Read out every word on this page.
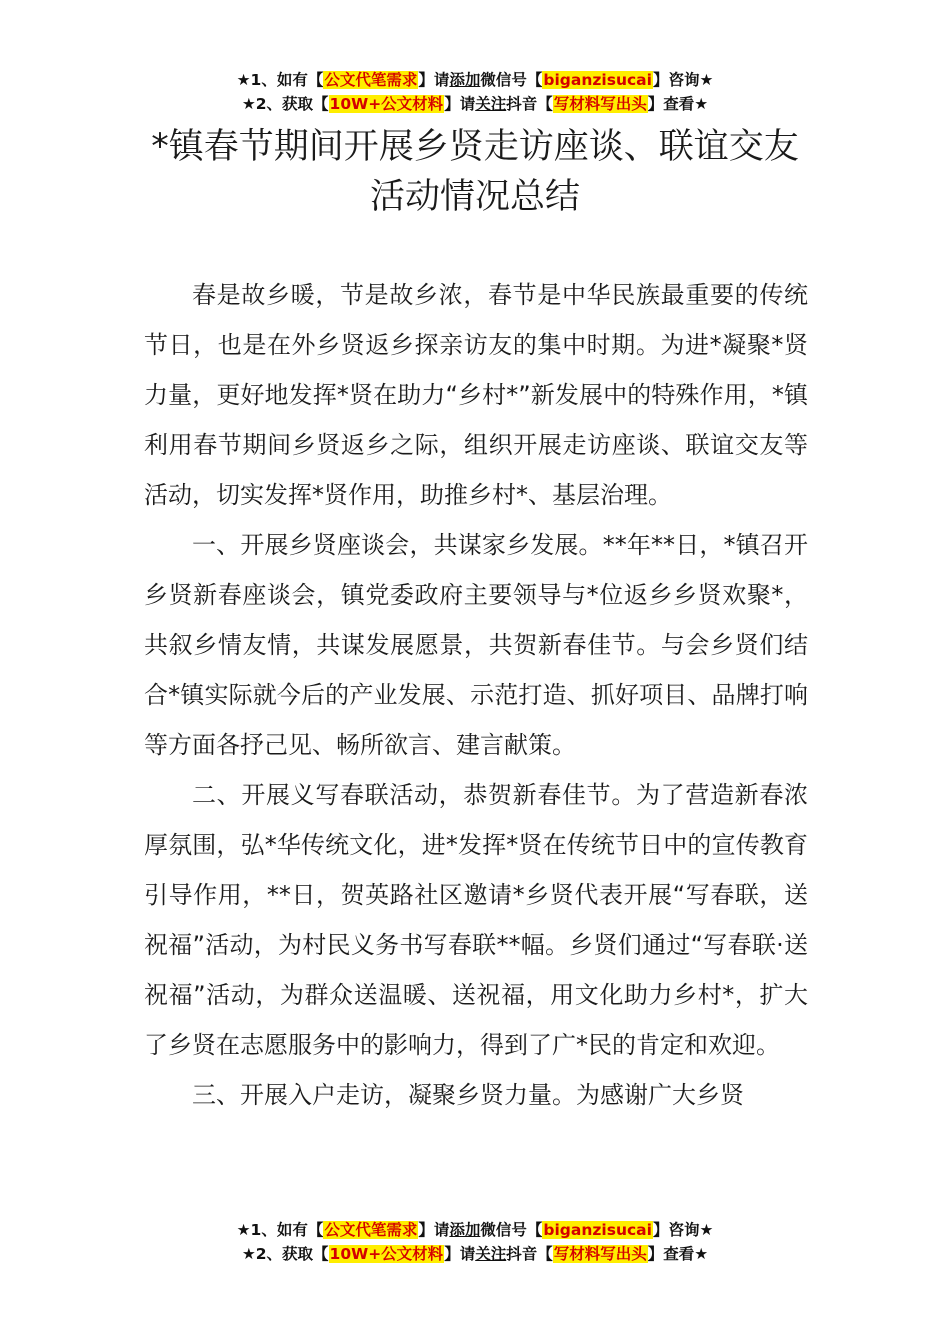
★1、如有【公文代笔需求】请添加微信号【biganzisucai】咨询★
★2、获取【10W+公文材料】请关注抖音【写材料写出头】查看★
*镇春节期间开展乡贤走访座谈、联谊交友
活动情况总结

春是故乡暖，节是故乡浓，春节是中华民族最重要的传统节日，也是在外乡贤返乡探亲访友的集中时期。为进*凝聚*贤力量，更好地发挥*贤在助力“乡村*”新发展中的特殊作用，*镇利用春节期间乡贤返乡之际，组织开展走访座谈、联谊交友等活动，切实发挥*贤作用，助推乡村*、基层治理。

一、开展乡贤座谈会，共谋家乡发展。**年**日，*镇召开乡贤新春座谈会，镇党委政府主要领导与*位返乡乡贤欢聚*，共叙乡情友情，共谋发展愿景，共贺新春佳节。与会乡贤们结合*镇实际就今后的产业发展、示范打造、抓好项目、品牌打响等方面各抒己见、畅所欲言、建言献策。

二、开展义写春联活动，恭贺新春佳节。为了营造新春浓厚氛围，弘*华传统文化，进*发挥*贤在传统节日中的宣传教育引导作用，**日，贺英路社区邀请*乡贤代表开展“写春联，送祝福”活动，为村民义务书写春联**幅。乡贤们通过“写春联·送祝福”活动，为群众送温暖、送祝福，用文化助力乡村*，扩大了乡贤在志愿服务中的影响力，得到了广*民的肯定和欢迎。

三、开展入户走访，凝聚乡贤力量。为感谢广大乡贤

★1、如有【公文代笔需求】请添加微信号【biganzisucai】咨询★
★2、获取【10W+公文材料】请关注抖音【写材料写出头】查看★
